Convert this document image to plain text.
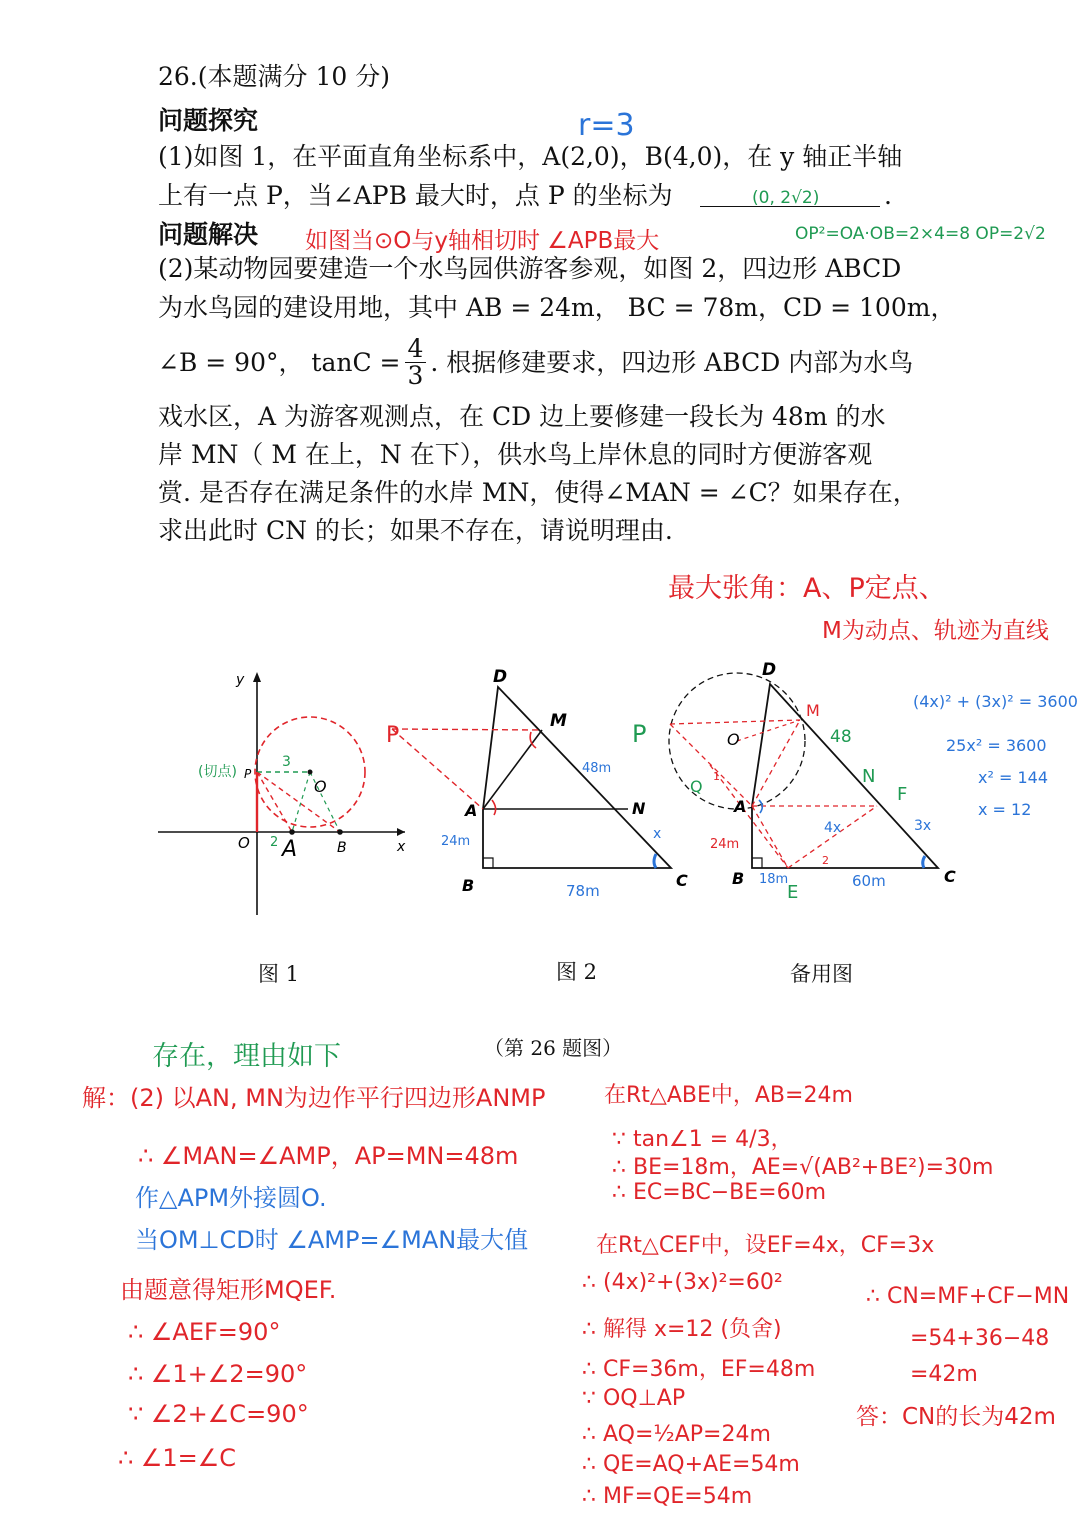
26.(本题满分 10 分)
问题探究
(1)如图 1，在平面直角坐标系中，A(2,0)，B(4,0)，在 y 轴正半轴
上有一点 P，当∠APB 最大时，点 P 的坐标为	.
问题解决
(2)某动物园要建造一个水鸟园供游客参观，如图 2，四边形 ABCD
为水鸟园的建设用地，其中 AB = 24m， BC = 78m，CD = 100m，
∠B = 90°， $\tan C = \frac{4}{3}$ . 根据修建要求，四边形 ABCD 内部为水鸟
戏水区，A 为游客观测点，在 CD 边上要修建一段长为 48m 的水
岸 MN（ M 在上，N 在下），供水鸟上岸休息的同时方便游客观
赏. 是否存在满足条件的水岸 MN，使得∠MAN = ∠C？如果存在，
求出此时 CN 的长；如果不存在，请说明理由.
r=3
(0, 2√2)
如图当⊙O与y轴相切时 ∠APB最大	OP²=OA·OB=2×4=8 OP=2√2
最大张角：A、P定点、
M为动点、轨迹为直线
y
x
O A	B
P
O
3
2
(切点)
D
M
A	N
B	C
P
24m
78m
48m
x
D
M
48
A
N
F
B	C
E
P	O
Q
24m
18m	60m
4x	3x
1
2
(4x)² + (3x)² = 3600
25x² = 3600
x² = 144
x = 12
图 1	图 2	备用图
（第 26 题图）
存在，理由如下
解：(2) 以AN, MN为边作平行四边形ANMP
∴ ∠MAN=∠AMP，AP=MN=48m
作△APM外接圆O.
当OM⊥CD时 ∠AMP=∠MAN最大值
由题意得矩形MQEF.
∴ ∠AEF=90°
∴ ∠1+∠2=90°
∵ ∠2+∠C=90°
∴ ∠1=∠C
在Rt△ABE中，AB=24m
∵ tan∠1 = 4/3，
∴ BE=18m，AE=√(AB²+BE²)=30m
∴ EC=BC−BE=60m
在Rt△CEF中，设EF=4x，CF=3x
∴ (4x)²+(3x)²=60²
∴ 解得 x=12 (负舍)
∴ CF=36m，EF=48m
∵ OQ⊥AP
∴ AQ=½AP=24m
∴ QE=AQ+AE=54m
∴ MF=QE=54m
∴ CN=MF+CF−MN
=54+36−48
=42m
答：CN的长为42m
